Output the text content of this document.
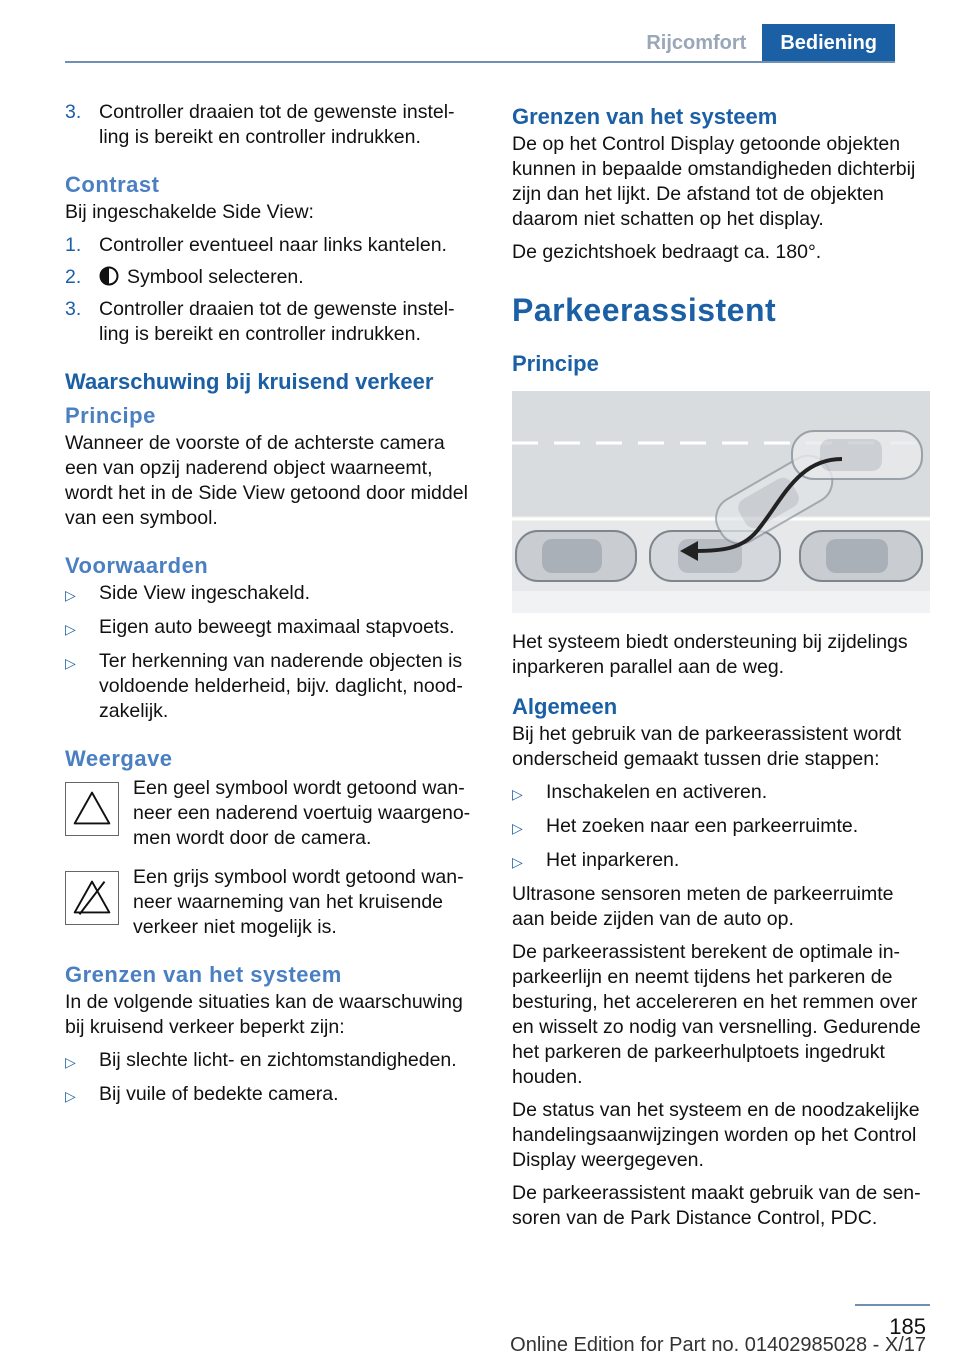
Rijcomfort	Bediening
3. Controller draaien tot de gewenste instel-ling is bereikt en controller indrukken.
Contrast

Bij ingeschakelde Side View:

1. Controller eventueel naar links kantelen.
2.	Symbool selecteren.
3. Controller draaien tot de gewenste instel-ling is bereikt en controller indrukken.
Waarschuwing bij kruisend verkeer
Principe

Wanneer de voorste of de achterste camera een van opzij naderend object waarneemt, wordt het in de Side View getoond door middel van een symbool.

Voorwaarden
▷	Side View ingeschakeld.
▷	Eigen auto beweegt maximaal stapvoets.
▷	Ter herkenning van naderende objecten is voldoende helderheid, bijv. daglicht, nood-zakelijk.
Weergave
Een geel symbool wordt getoond wan-neer een naderend voertuig waargeno-men wordt door de camera.
Een grijs symbool wordt getoond wan-neer waarneming van het kruisende verkeer niet mogelijk is.
Grenzen van het systeem

In de volgende situaties kan de waarschuwing bij kruisend verkeer beperkt zijn:

▷	Bij slechte licht- en zichtomstandigheden.
▷	Bij vuile of bedekte camera.
Grenzen van het systeem

De op het Control Display getoonde objekten kunnen in bepaalde omstandigheden dichterbij zijn dan het lijkt. De afstand tot de objekten daarom niet schatten op het display.

De gezichtshoek bedraagt ca. 180°.

Parkeerassistent
Principe

Het systeem biedt ondersteuning bij zijdelings inparkeren parallel aan de weg.

Algemeen

Bij het gebruik van de parkeerassistent wordt onderscheid gemaakt tussen drie stappen:

▷	Inschakelen en activeren.
▷	Het zoeken naar een parkeerruimte.
▷	Het inparkeren.

Ultrasone sensoren meten de parkeerruimte aan beide zijden van de auto op.

De parkeerassistent berekent de optimale in-parkeerlijn en neemt tijdens het parkeren de besturing, het accelereren en het remmen over en wisselt zo nodig van versnelling. Gedurende het parkeren de parkeerhulptoets ingedrukt houden.

De status van het systeem en de noodzakelijke handelingsaanwijzingen worden op het Control Display weergegeven.

De parkeerassistent maakt gebruik van de sen-soren van de Park Distance Control, PDC.

185
Online Edition for Part no. 01402985028 - X/17
